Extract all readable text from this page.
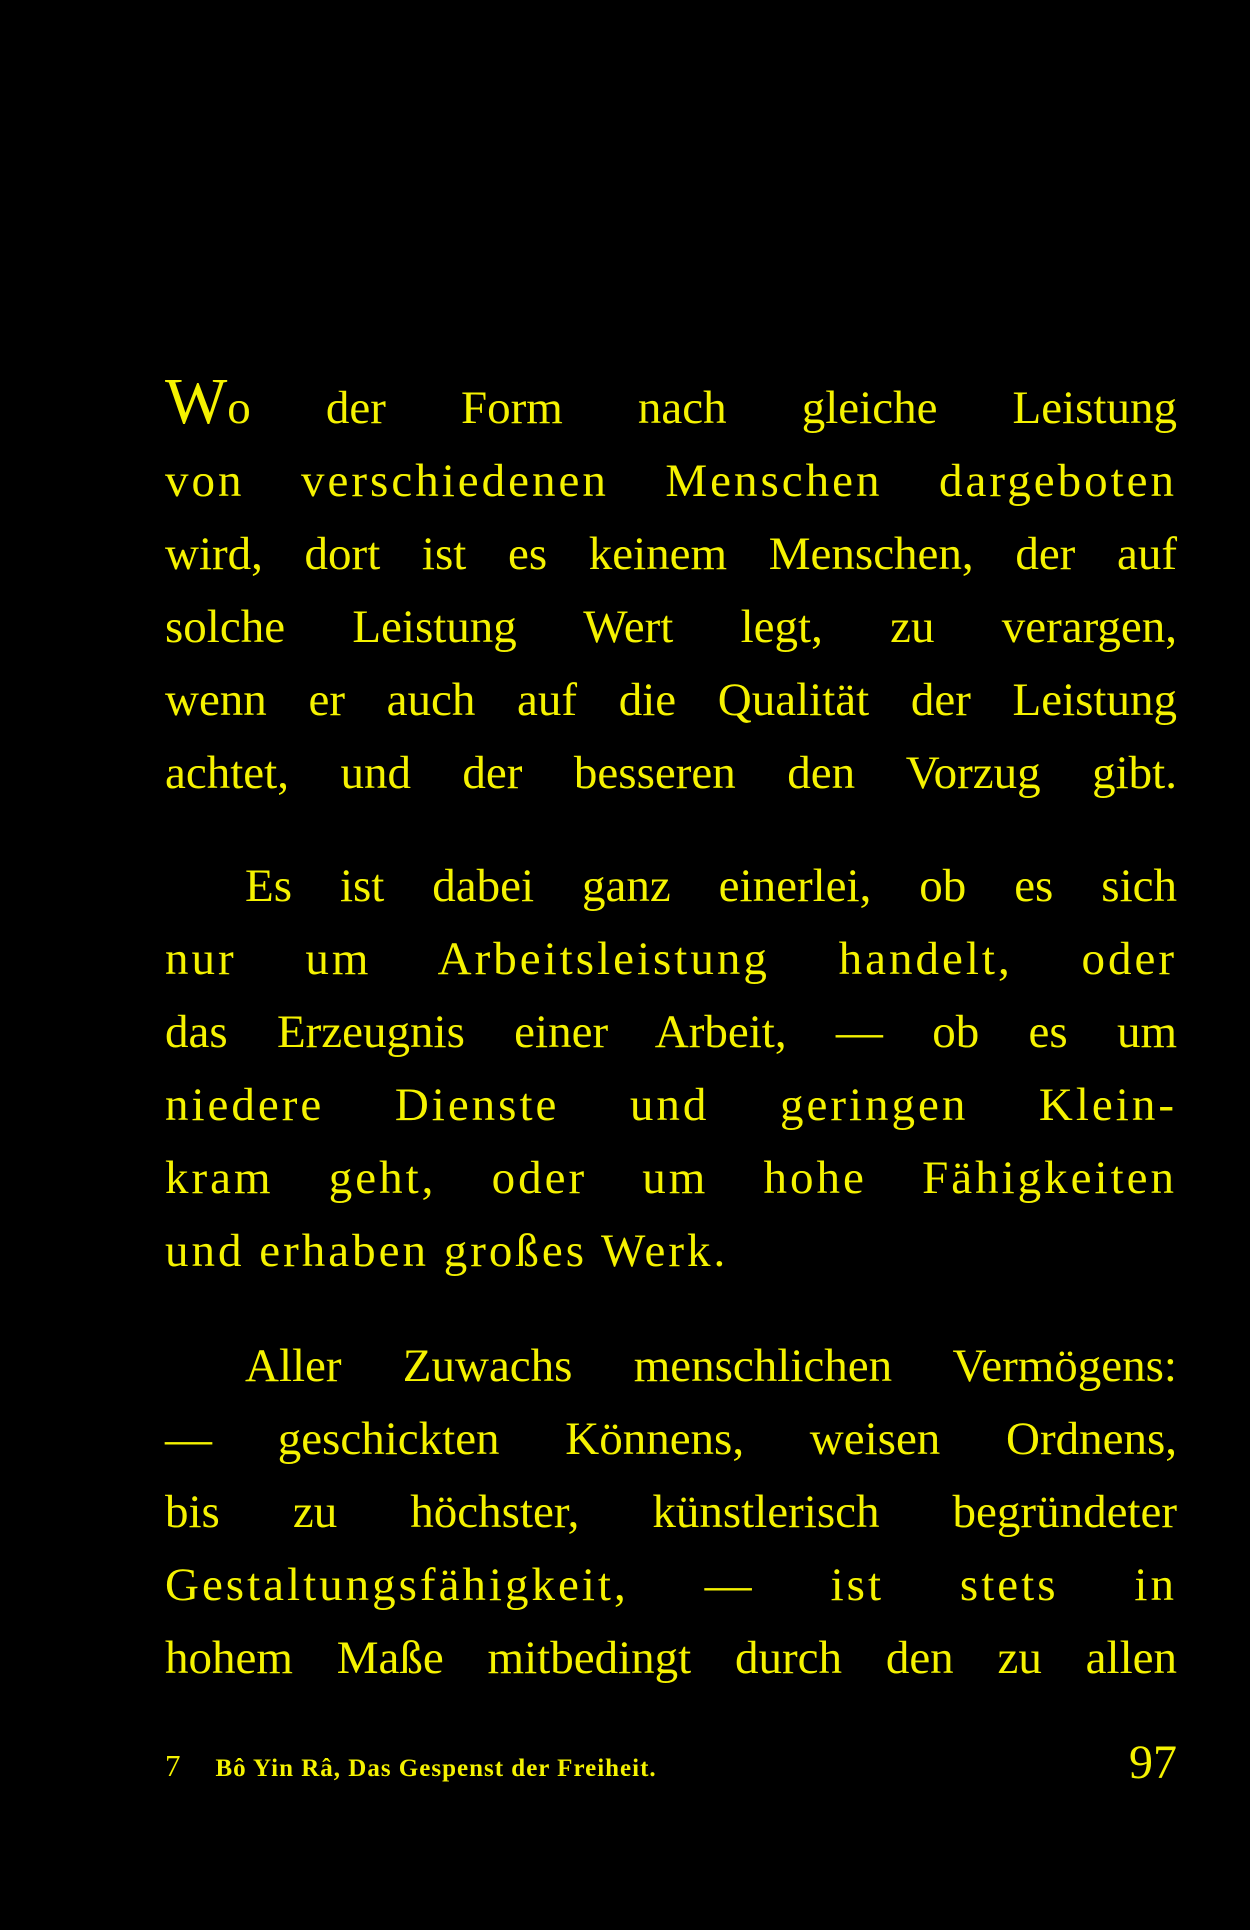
Wo der Form nach gleiche Leistung
von verschiedenen Menschen dargeboten
wird, dort ist es keinem Menschen, der auf
solche Leistung Wert legt, zu verargen,
wenn er auch auf die Qualität der Leistung
achtet, und der besseren den Vorzug gibt.
Es ist dabei ganz einerlei, ob es sich
nur um Arbeitsleistung handelt, oder
das Erzeugnis einer Arbeit, — ob es um
niedere Dienste und geringen Klein-
kram geht, oder um hohe Fähigkeiten
und erhaben großes Werk.
Aller Zuwachs menschlichen Vermögens:
— geschickten Könnens, weisen Ordnens,
bis zu höchster, künstlerisch begründeter
Gestaltungsfähigkeit, — ist stets in
hohem Maße mitbedingt durch den zu allen
7 Bô Yin Râ, Das Gespenst der Freiheit.	97
